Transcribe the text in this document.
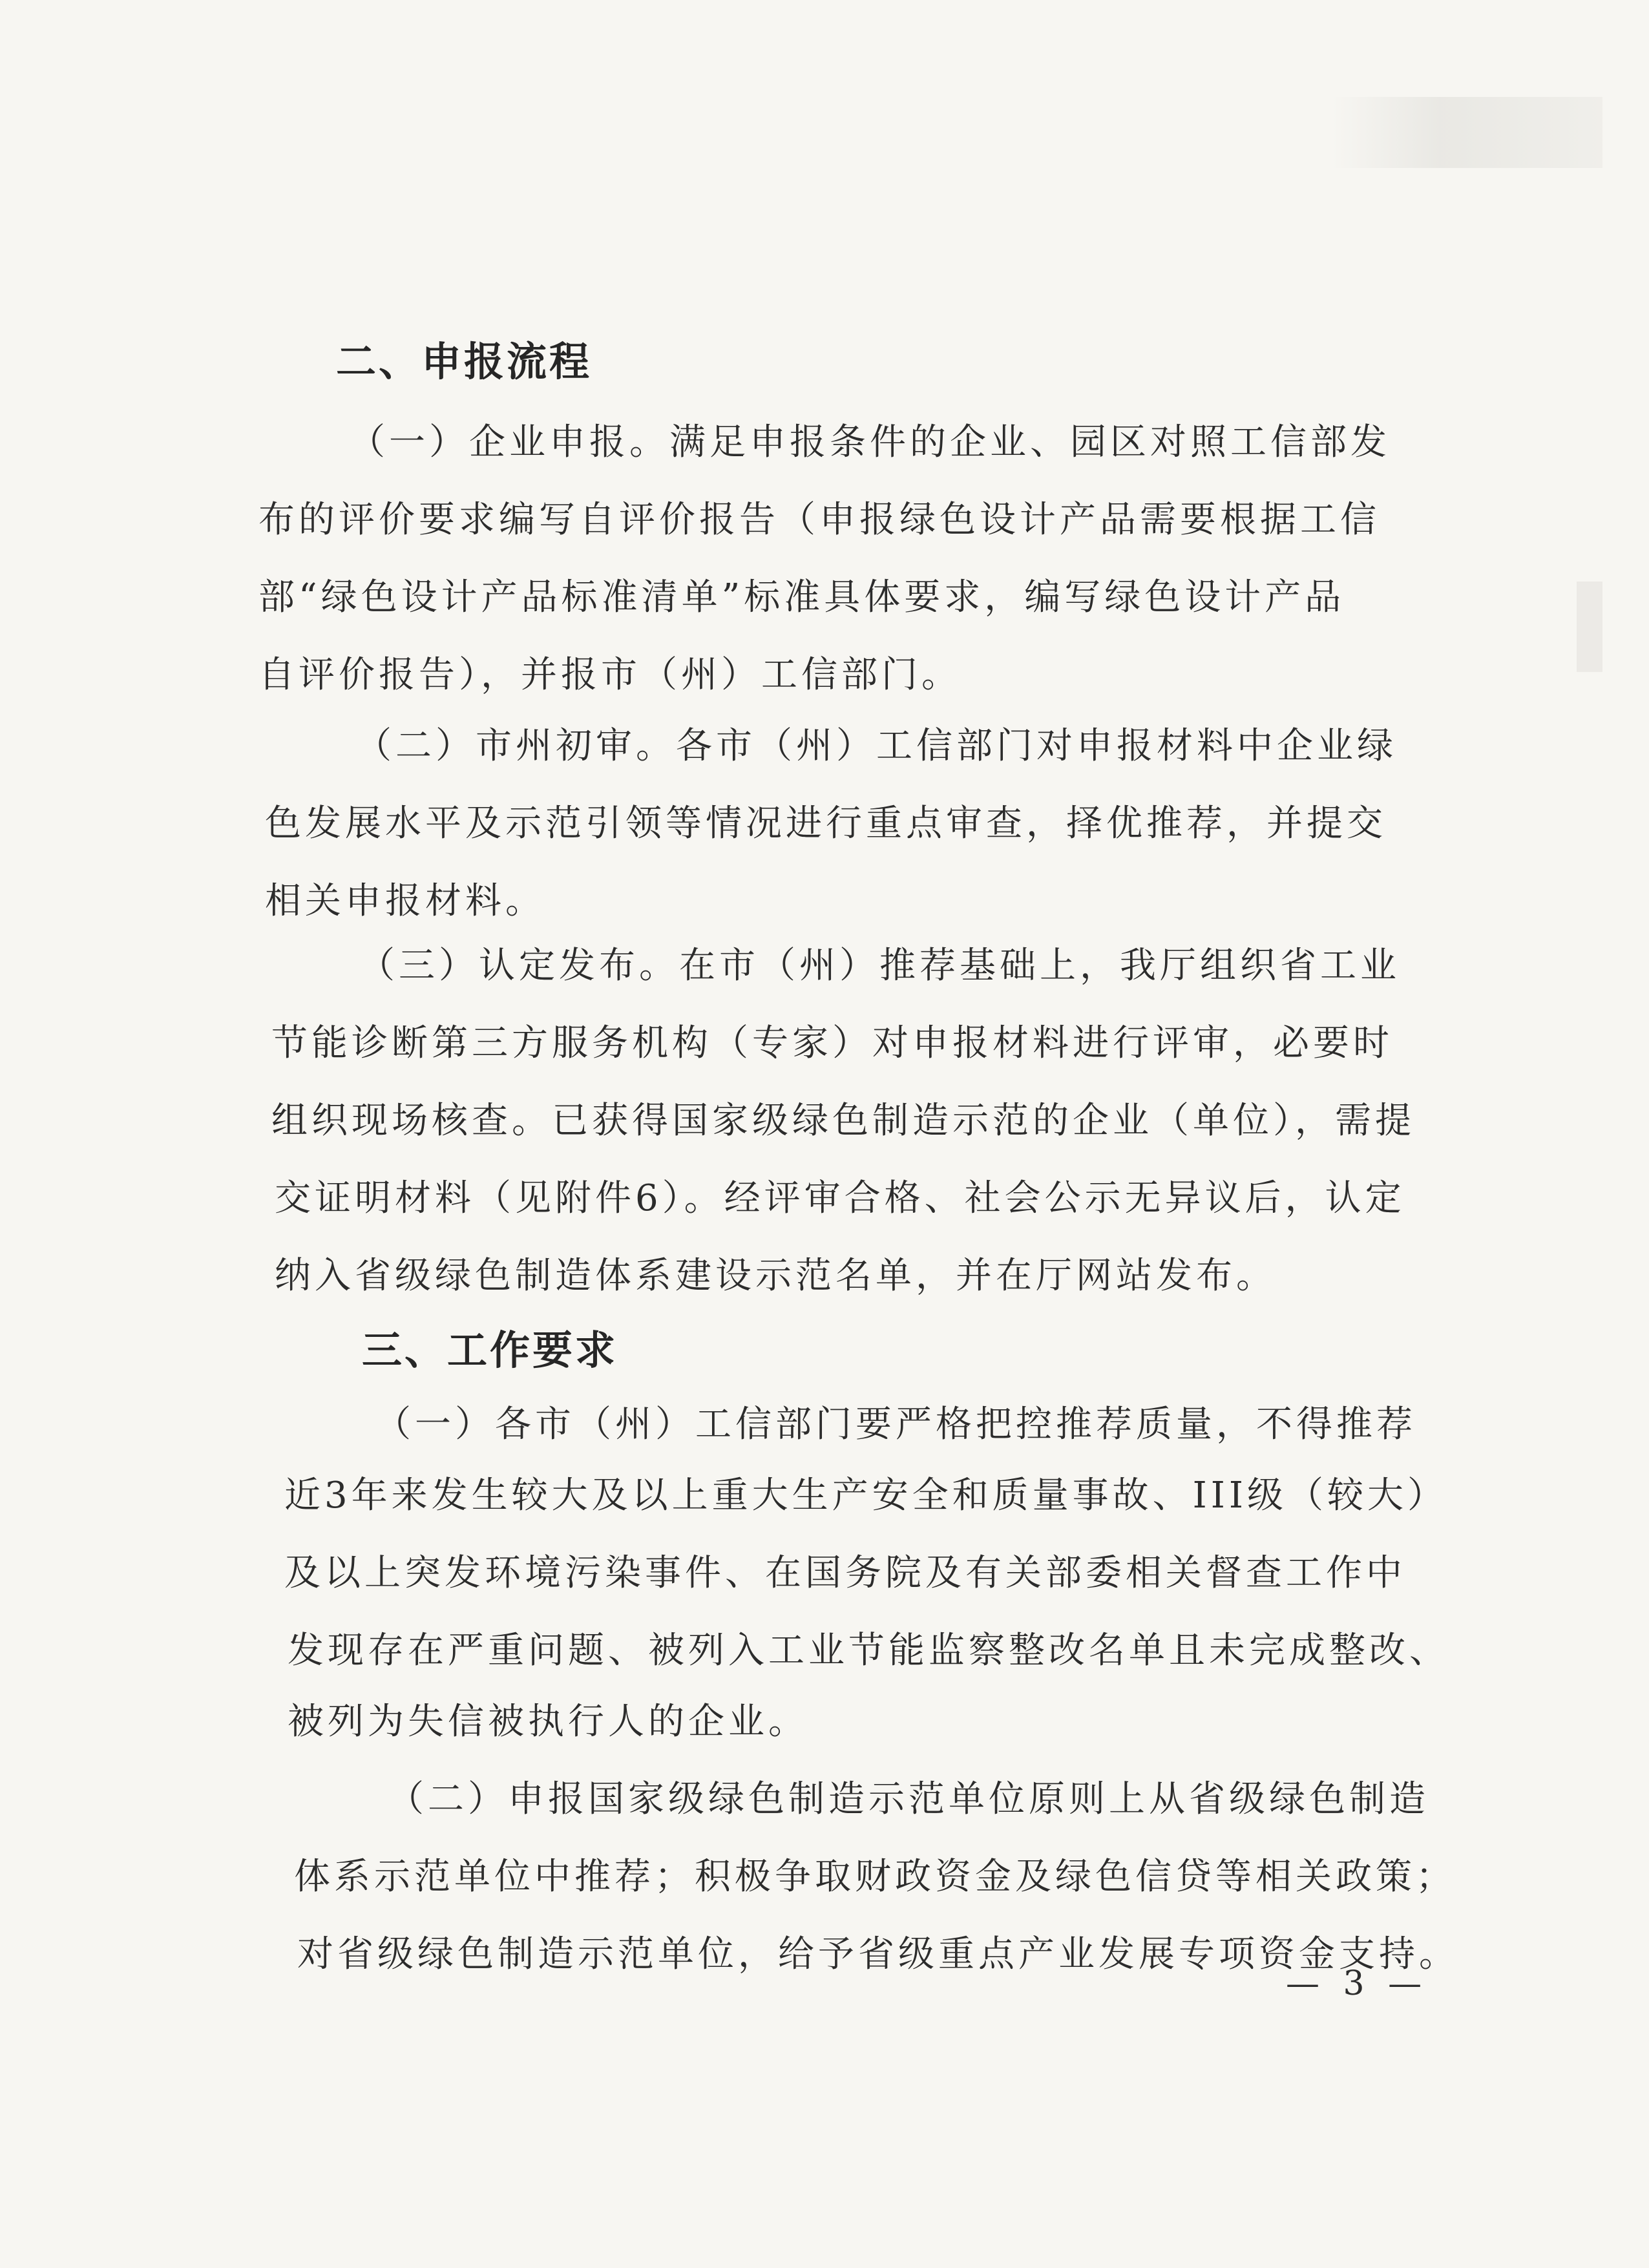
二、申报流程
（一）企业申报。满足申报条件的企业、园区对照工信部发
布的评价要求编写自评价报告（申报绿色设计产品需要根据工信
部“绿色设计产品标准清单”标准具体要求，编写绿色设计产品
自评价报告），并报市（州）工信部门。
（二）市州初审。各市（州）工信部门对申报材料中企业绿
色发展水平及示范引领等情况进行重点审查，择优推荐，并提交
相关申报材料。
（三）认定发布。在市（州）推荐基础上，我厅组织省工业
节能诊断第三方服务机构（专家）对申报材料进行评审，必要时
组织现场核查。已获得国家级绿色制造示范的企业（单位），需提
交证明材料（见附件6）。经评审合格、社会公示无异议后，认定
纳入省级绿色制造体系建设示范名单，并在厅网站发布。
三、工作要求
（一）各市（州）工信部门要严格把控推荐质量，不得推荐
近3年来发生较大及以上重大生产安全和质量事故、III级（较大）
及以上突发环境污染事件、在国务院及有关部委相关督查工作中
发现存在严重问题、被列入工业节能监察整改名单且未完成整改、
被列为失信被执行人的企业。
（二）申报国家级绿色制造示范单位原则上从省级绿色制造
体系示范单位中推荐；积极争取财政资金及绿色信贷等相关政策；
对省级绿色制造示范单位，给予省级重点产业发展专项资金支持。
— 3 —
